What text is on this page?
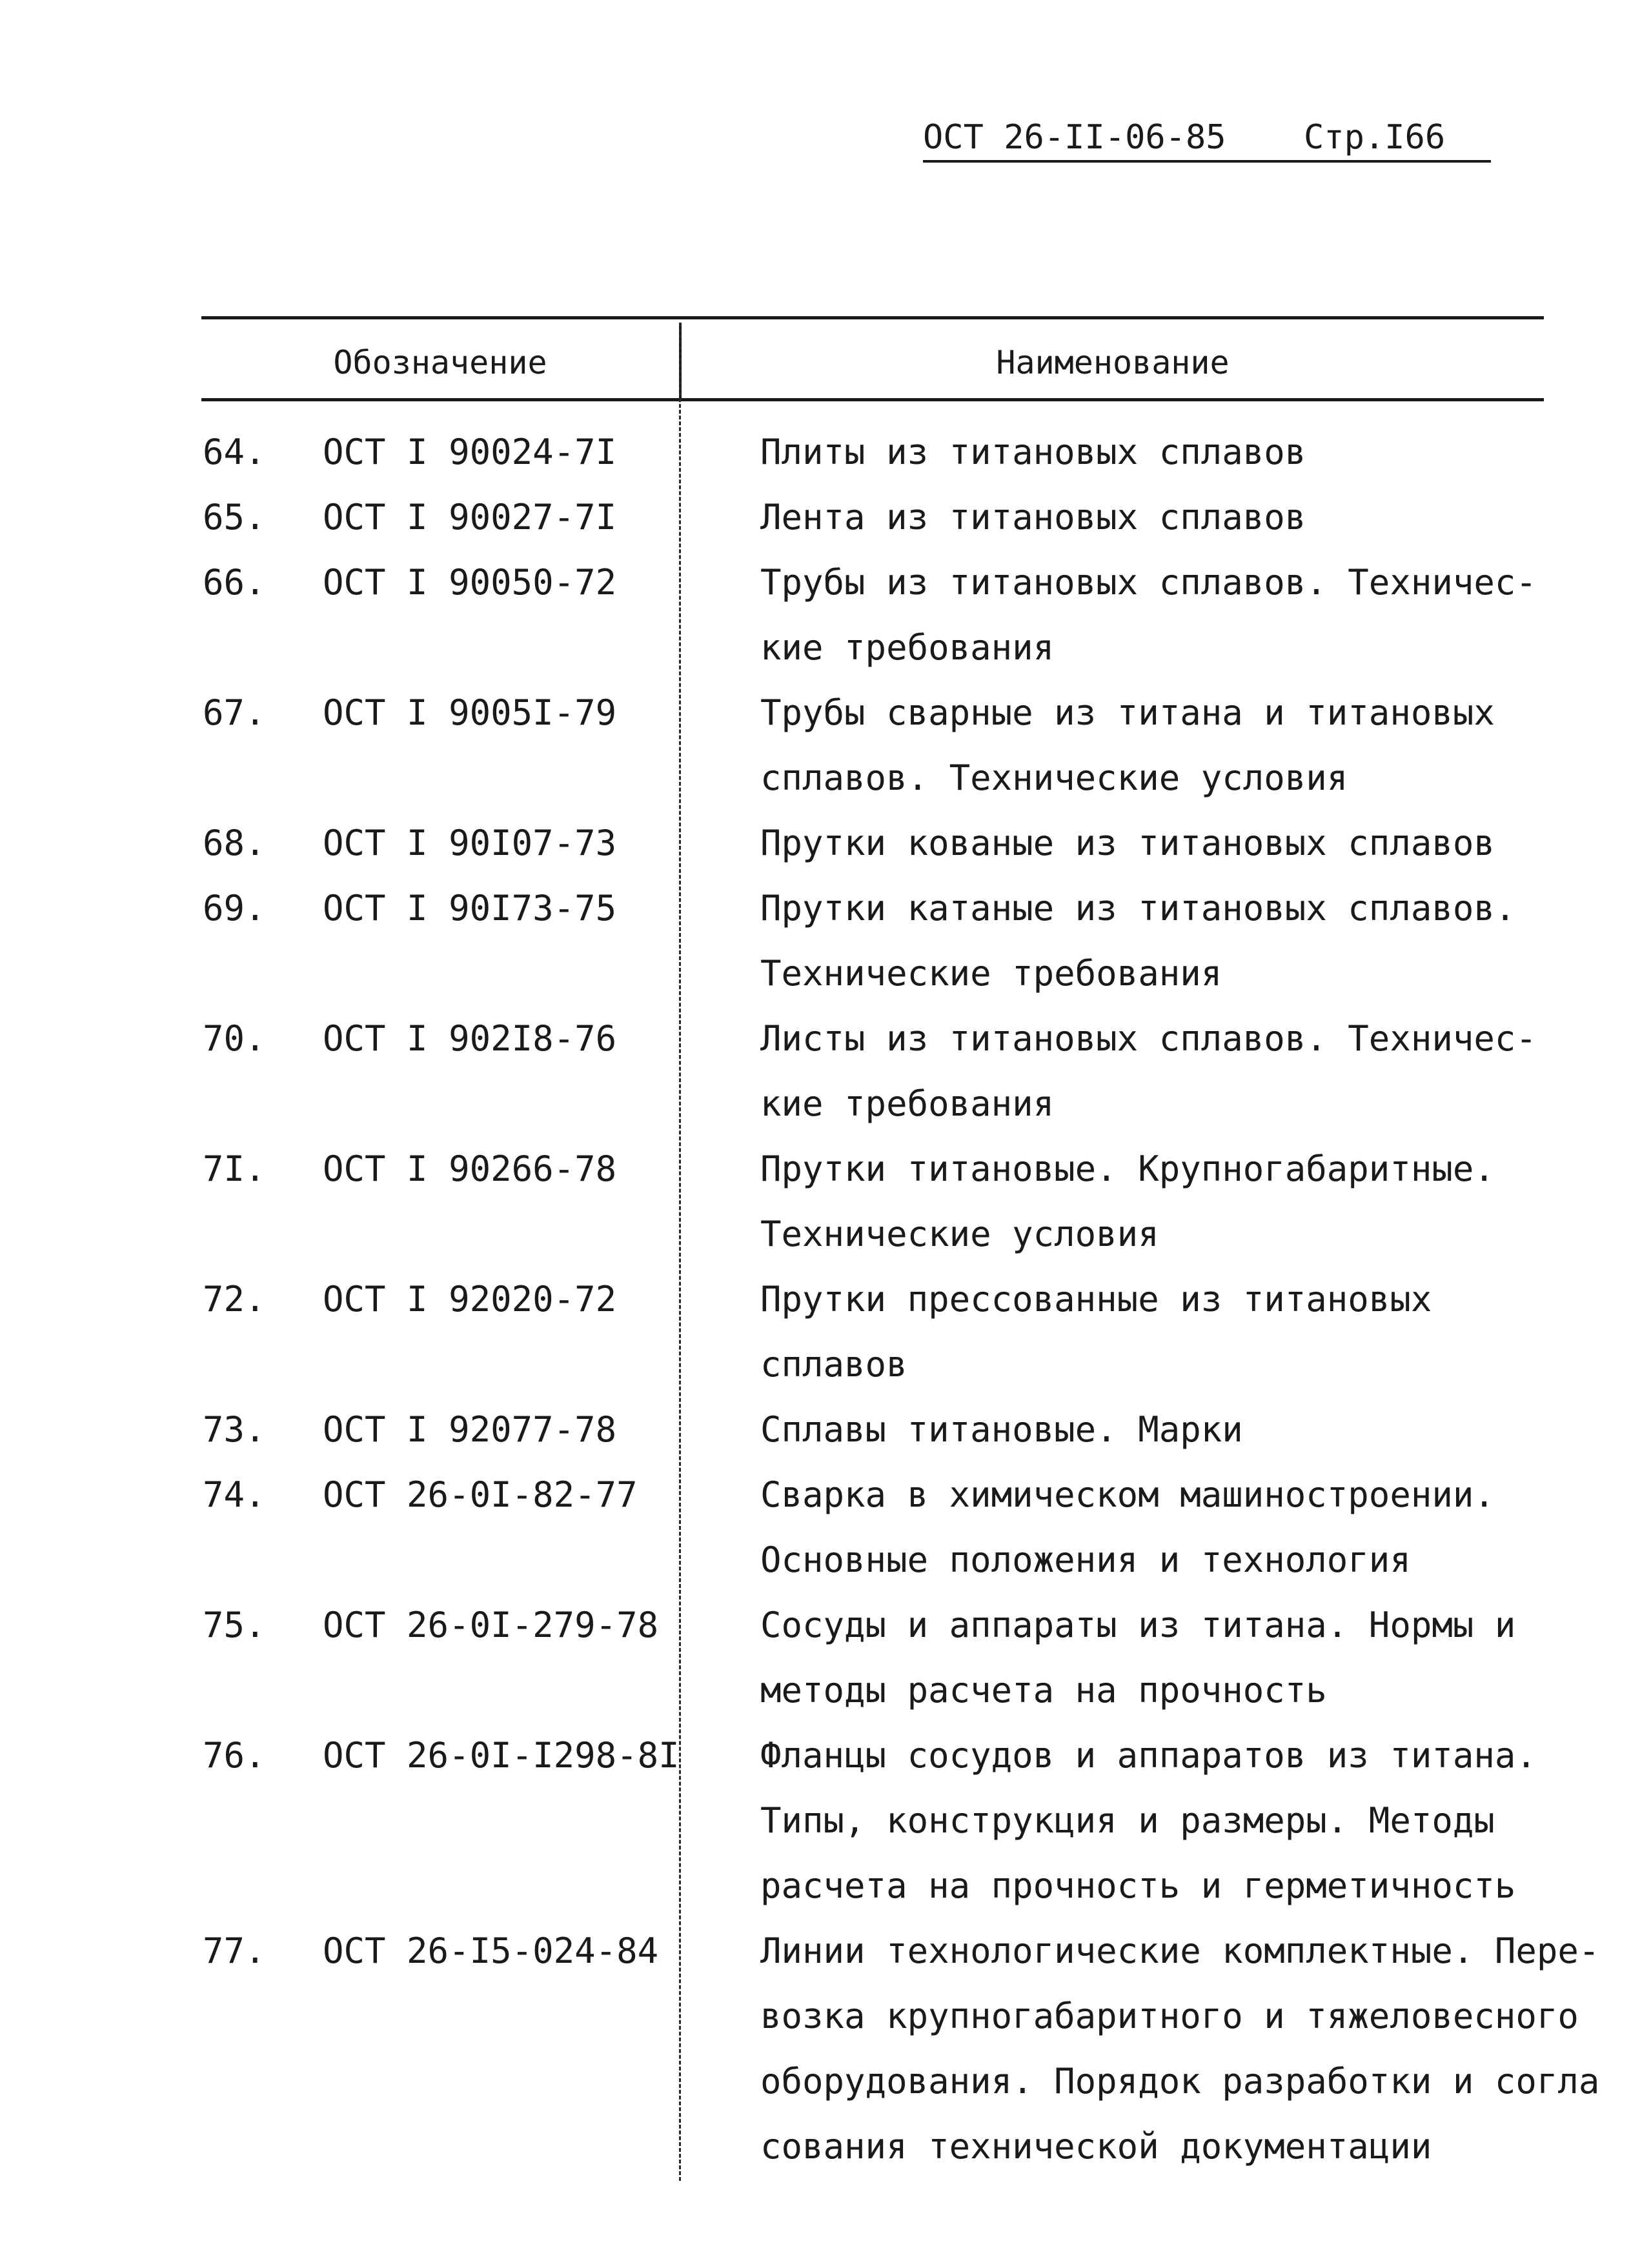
ОСТ 26-II-06-85 Стр.I66
Обозначение	Наименование
64. ОСТ I 90024-7I	Плиты из титановых сплавов
65. ОСТ I 90027-7I	Лента из титановых сплавов
66. ОСТ I 90050-72	Трубы из титановых сплавов. Техничес-
кие требования
67. ОСТ I 9005I-79	Трубы сварные из титана и титановых
сплавов. Технические условия
68. ОСТ I 90I07-73	Прутки кованые из титановых сплавов
69. ОСТ I 90I73-75	Прутки катаные из титановых сплавов.
Технические требования
70. ОСТ I 902I8-76	Листы из титановых сплавов. Техничес-
кие требования
7I. ОСТ I 90266-78	Прутки титановые. Крупногабаритные.
Технические условия
72. ОСТ I 92020-72	Прутки прессованные из титановых
сплавов
73. ОСТ I 92077-78	Сплавы титановые. Марки
74. ОСТ 26-0I-82-77	Сварка в химическом машиностроении.
Основные положения и технология
75. ОСТ 26-0I-279-78	Сосуды и аппараты из титана. Нормы и
методы расчета на прочность
76. ОСТ 26-0I-I298-8I Фланцы сосудов и аппаратов из титана.
Типы, конструкция и размеры. Методы
расчета на прочность и герметичность
77. ОСТ 26-I5-024-84	Линии технологические комплектные. Пере-
возка крупногабаритного и тяжеловесного
оборудования. Порядок разработки и согла
сования технической документации
